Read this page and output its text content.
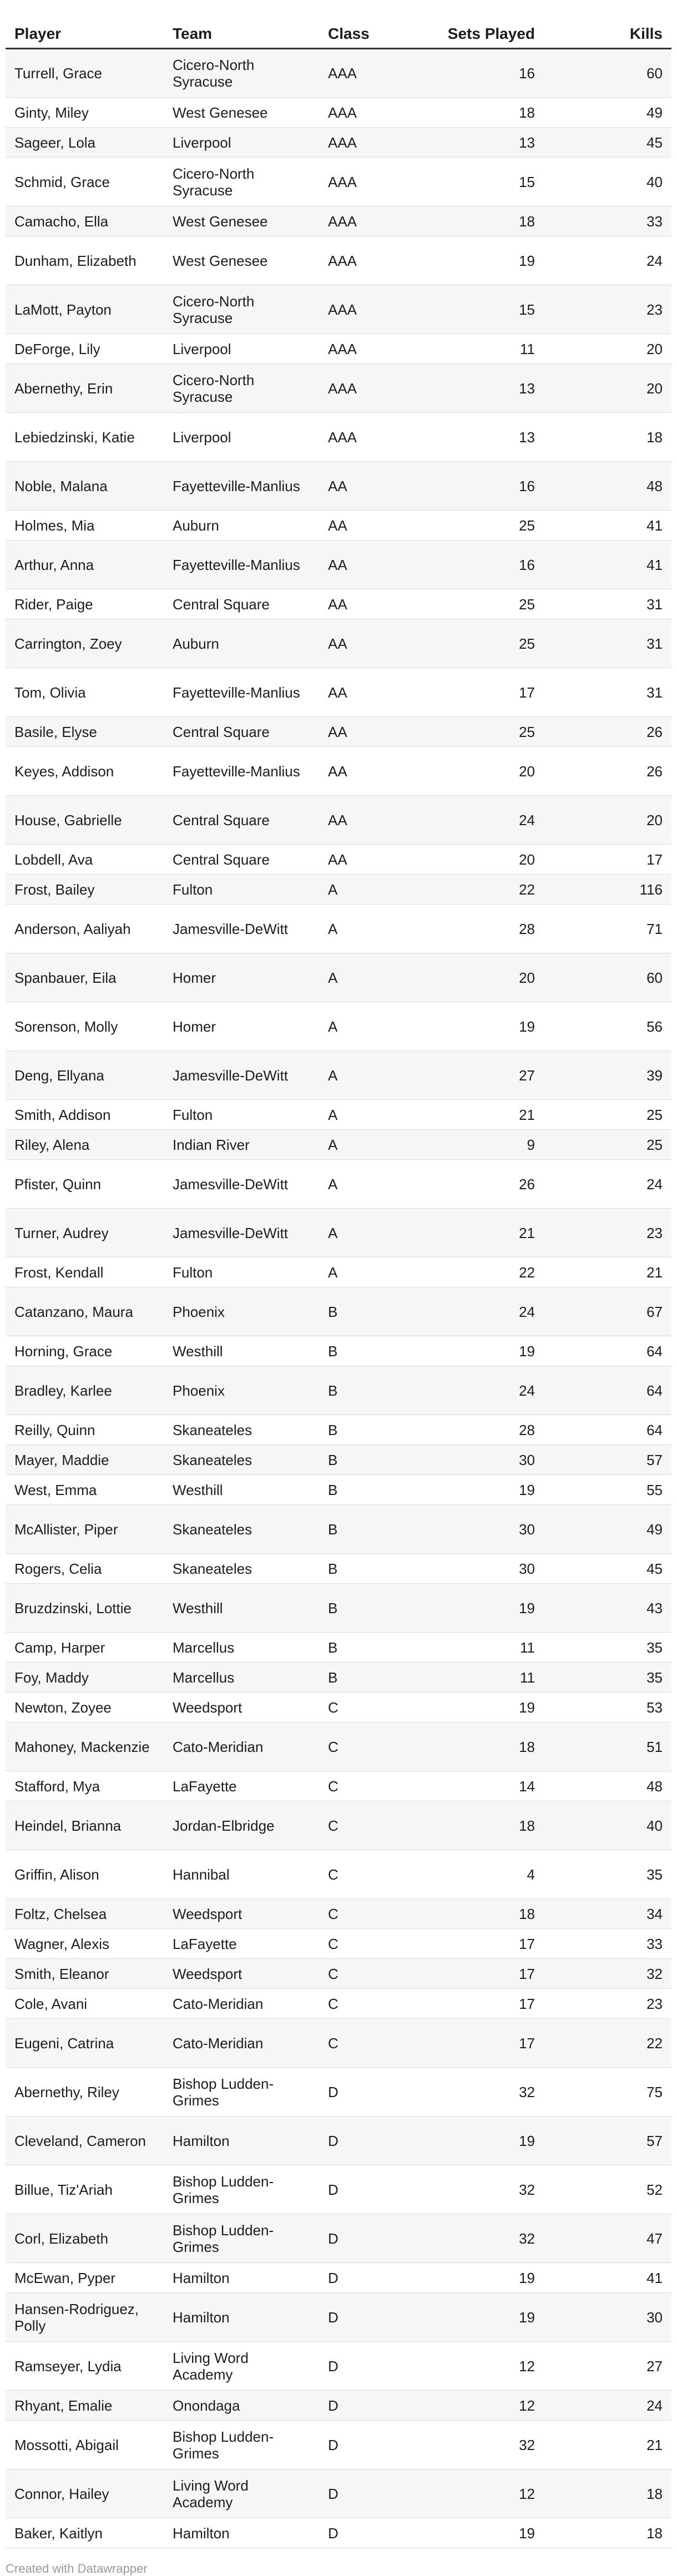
Player	Team	Class	Sets Played	Kills
Turrell, Grace	Cicero-North Syracuse	AAA	16	60
Ginty, Miley	West Genesee	AAA	18	49
Sageer, Lola	Liverpool	AAA	13	45
Schmid, Grace	Cicero-North Syracuse	AAA	15	40
Camacho, Ella	West Genesee	AAA	18	33
Dunham, Elizabeth	West Genesee	AAA	19	24
LaMott, Payton	Cicero-North Syracuse	AAA	15	23
DeForge, Lily	Liverpool	AAA	11	20
Abernethy, Erin	Cicero-North Syracuse	AAA	13	20
Lebiedzinski, Katie	Liverpool	AAA	13	18
Noble, Malana	Fayetteville-Manlius	AA	16	48
Holmes, Mia	Auburn	AA	25	41
Arthur, Anna	Fayetteville-Manlius	AA	16	41
Rider, Paige	Central Square	AA	25	31
Carrington, Zoey	Auburn	AA	25	31
Tom, Olivia	Fayetteville-Manlius	AA	17	31
Basile, Elyse	Central Square	AA	25	26
Keyes, Addison	Fayetteville-Manlius	AA	20	26
House, Gabrielle	Central Square	AA	24	20
Lobdell, Ava	Central Square	AA	20	17
Frost, Bailey	Fulton	A	22	116
Anderson, Aaliyah	Jamesville-DeWitt	A	28	71
Spanbauer, Eila	Homer	A	20	60
Sorenson, Molly	Homer	A	19	56
Deng, Ellyana	Jamesville-DeWitt	A	27	39
Smith, Addison	Fulton	A	21	25
Riley, Alena	Indian River	A	9	25
Pfister, Quinn	Jamesville-DeWitt	A	26	24
Turner, Audrey	Jamesville-DeWitt	A	21	23
Frost, Kendall	Fulton	A	22	21
Catanzano, Maura	Phoenix	B	24	67
Horning, Grace	Westhill	B	19	64
Bradley, Karlee	Phoenix	B	24	64
Reilly, Quinn	Skaneateles	B	28	64
Mayer, Maddie	Skaneateles	B	30	57
West, Emma	Westhill	B	19	55
McAllister, Piper	Skaneateles	B	30	49
Rogers, Celia	Skaneateles	B	30	45
Bruzdzinski, Lottie	Westhill	B	19	43
Camp, Harper	Marcellus	B	11	35
Foy, Maddy	Marcellus	B	11	35
Newton, Zoyee	Weedsport	C	19	53
Mahoney, Mackenzie	Cato-Meridian	C	18	51
Stafford, Mya	LaFayette	C	14	48
Heindel, Brianna	Jordan-Elbridge	C	18	40
Griffin, Alison	Hannibal	C	4	35
Foltz, Chelsea	Weedsport	C	18	34
Wagner, Alexis	LaFayette	C	17	33
Smith, Eleanor	Weedsport	C	17	32
Cole, Avani	Cato-Meridian	C	17	23
Eugeni, Catrina	Cato-Meridian	C	17	22
Abernethy, Riley	Bishop Ludden-Grimes	D	32	75
Cleveland, Cameron	Hamilton	D	19	57
Billue, Tiz'Ariah	Bishop Ludden-Grimes	D	32	52
Corl, Elizabeth	Bishop Ludden-Grimes	D	32	47
McEwan, Pyper	Hamilton	D	19	41
Hansen-Rodriguez, Polly	Hamilton	D	19	30
Ramseyer, Lydia	Living Word Academy	D	12	27
Rhyant, Emalie	Onondaga	D	12	24
Mossotti, Abigail	Bishop Ludden-Grimes	D	32	21
Connor, Hailey	Living Word Academy	D	12	18
Baker, Kaitlyn	Hamilton	D	19	18
Created with Datawrapper
